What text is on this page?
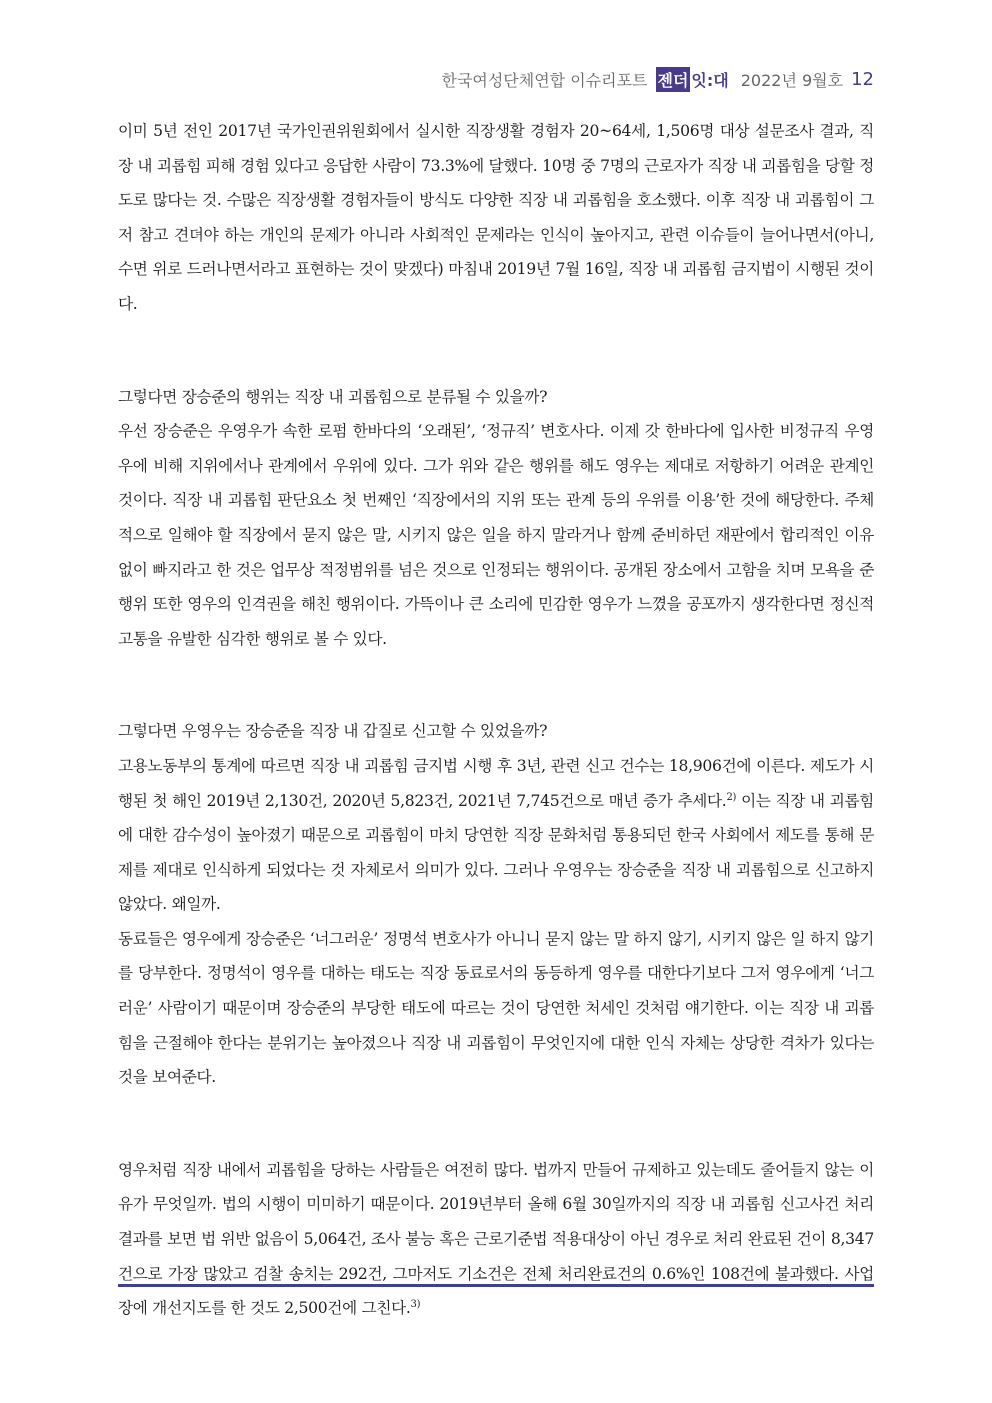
한국여성단체연합 이슈리포트 젠더 잇:대 2022년 9월호 12

이미 5년 전인 2017년 국가인권위원회에서 실시한 직장생활 경험자 20~64세, 1,506명 대상 설문조사 결과, 직장 내 괴롭힘 피해 경험 있다고 응답한 사람이 73.3%에 달했다. 10명 중 7명의 근로자가 직장 내 괴롭힘을 당할 정도로 많다는 것. 수많은 직장생활 경험자들이 방식도 다양한 직장 내 괴롭힘을 호소했다. 이후 직장 내 괴롭힘이 그저 참고 견뎌야 하는 개인의 문제가 아니라 사회적인 문제라는 인식이 높아지고, 관련 이슈들이 늘어나면서(아니, 수면 위로 드러나면서라고 표현하는 것이 맞겠다) 마침내 2019년 7월 16일, 직장 내 괴롭힘 금지법이 시행된 것이다.

그렇다면 장승준의 행위는 직장 내 괴롭힘으로 분류될 수 있을까?

우선 장승준은 우영우가 속한 로펌 한바다의 ‘오래된’, ‘정규직’ 변호사다. 이제 갓 한바다에 입사한 비정규직 우영우에 비해 지위에서나 관계에서 우위에 있다. 그가 위와 같은 행위를 해도 영우는 제대로 저항하기 어려운 관계인 것이다. 직장 내 괴롭힘 판단요소 첫 번째인 ‘직장에서의 지위 또는 관계 등의 우위를 이용’한 것에 해당한다. 주체적으로 일해야 할 직장에서 묻지 않은 말, 시키지 않은 일을 하지 말라거나 함께 준비하던 재판에서 합리적인 이유 없이 빠지라고 한 것은 업무상 적정범위를 넘은 것으로 인정되는 행위이다. 공개된 장소에서 고함을 치며 모욕을 준 행위 또한 영우의 인격권을 해친 행위이다. 가뜩이나 큰 소리에 민감한 영우가 느꼈을 공포까지 생각한다면 정신적 고통을 유발한 심각한 행위로 볼 수 있다.

그렇다면 우영우는 장승준을 직장 내 갑질로 신고할 수 있었을까?

고용노동부의 통계에 따르면 직장 내 괴롭힘 금지법 시행 후 3년, 관련 신고 건수는 18,906건에 이른다. 제도가 시행된 첫 해인 2019년 2,130건, 2020년 5,823건, 2021년 7,745건으로 매년 증가 추세다.$^{2)}$ 이는 직장 내 괴롭힘에 대한 감수성이 높아졌기 때문으로 괴롭힘이 마치 당연한 직장 문화처럼 통용되던 한국 사회에서 제도를 통해 문제를 제대로 인식하게 되었다는 것 자체로서 의미가 있다. 그러나 우영우는 장승준을 직장 내 괴롭힘으로 신고하지 않았다. 왜일까.

동료들은 영우에게 장승준은 ‘너그러운’ 정명석 변호사가 아니니 묻지 않는 말 하지 않기, 시키지 않은 일 하지 않기를 당부한다. 정명석이 영우를 대하는 태도는 직장 동료로서의 동등하게 영우를 대한다기보다 그저 영우에게 ‘너그러운’ 사람이기 때문이며 장승준의 부당한 태도에 따르는 것이 당연한 처세인 것처럼 얘기한다. 이는 직장 내 괴롭힘을 근절해야 한다는 분위기는 높아졌으나 직장 내 괴롭힘이 무엇인지에 대한 인식 자체는 상당한 격차가 있다는 것을 보여준다.

영우처럼 직장 내에서 괴롭힘을 당하는 사람들은 여전히 많다. 법까지 만들어 규제하고 있는데도 줄어들지 않는 이유가 무엇일까. 법의 시행이 미미하기 때문이다. 2019년부터 올해 6월 30일까지의 직장 내 괴롭힘 신고사건 처리 결과를 보면 법 위반 없음이 5,064건, 조사 불능 혹은 근로기준법 적용대상이 아닌 경우로 처리 완료된 건이 8,347건으로 가장 많았고 검찰 송치는 292건, 그마저도 기소건은 전체 처리완료건의 0.6%인 108건에 불과했다. 사업장에 개선지도를 한 것도 2,500건에 그친다.$^{3)}$
